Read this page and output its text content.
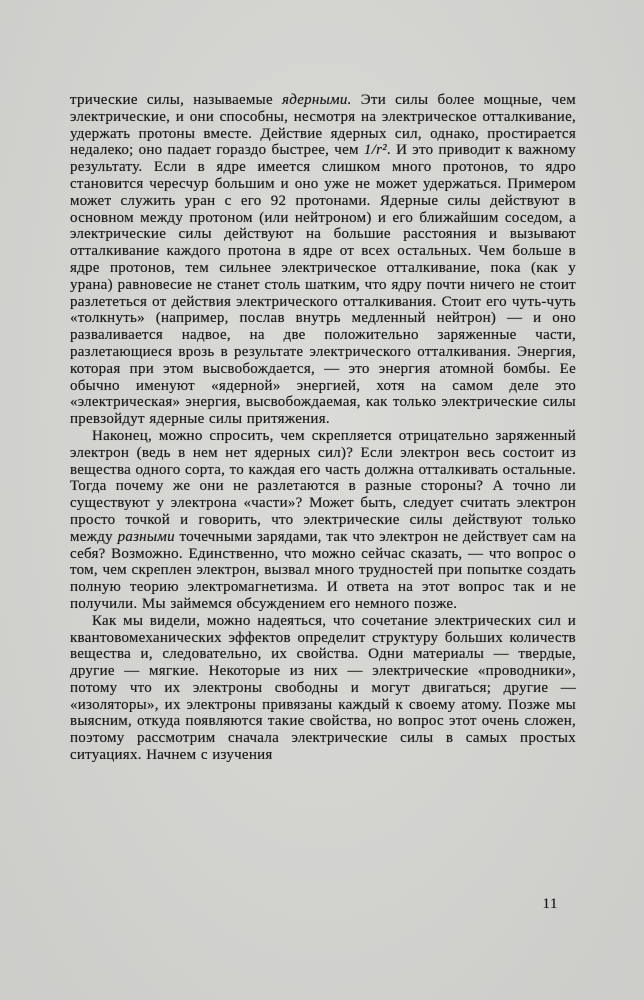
трические силы, называемые ядерными. Эти силы более мощные, чем электрические, и они способны, несмотря на электрическое отталкивание, удержать протоны вместе. Действие ядерных сил, однако, простирается недалеко; оно падает гораздо быстрее, чем 1/r². И это приводит к важному результату. Если в ядре имеется слишком много протонов, то ядро становится чересчур большим и оно уже не может удержаться. Примером может служить уран с его 92 протонами. Ядерные силы действуют в основном между протоном (или нейтроном) и его ближайшим соседом, а электрические силы действуют на большие расстояния и вызывают отталкивание каждого протона в ядре от всех остальных. Чем больше в ядре протонов, тем сильнее электрическое отталкивание, пока (как у урана) равновесие не станет столь шатким, что ядру почти ничего не стоит разлететься от действия электрического отталкивания. Стоит его чуть-чуть «толкнуть» (например, послав внутрь медленный нейтрон) — и оно разваливается надвое, на две положительно заряженные части, разлетающиеся врозь в результате электрического отталкивания. Энергия, которая при этом высвобождается, — это энергия атомной бомбы. Ее обычно именуют «ядерной» энергией, хотя на самом деле это «электрическая» энергия, высвобождаемая, как только электрические силы превзойдут ядерные силы притяжения.

Наконец, можно спросить, чем скрепляется отрицательно заряженный электрон (ведь в нем нет ядерных сил)? Если электрон весь состоит из вещества одного сорта, то каждая его часть должна отталкивать остальные. Тогда почему же они не разлетаются в разные стороны? А точно ли существуют у электрона «части»? Может быть, следует считать электрон просто точкой и говорить, что электрические силы действуют только между разными точечными зарядами, так что электрон не действует сам на себя? Возможно. Единственно, что можно сейчас сказать, — что вопрос о том, чем скреплен электрон, вызвал много трудностей при попытке создать полную теорию электромагнетизма. И ответа на этот вопрос так и не получили. Мы займемся обсуждением его немного позже.

Как мы видели, можно надеяться, что сочетание электрических сил и квантовомеханических эффектов определит структуру больших количеств вещества и, следовательно, их свойства. Одни материалы — твердые, другие — мягкие. Некоторые из них — электрические «проводники», потому что их электроны свободны и могут двигаться; другие — «изоляторы», их электроны привязаны каждый к своему атому. Позже мы выясним, откуда появляются такие свойства, но вопрос этот очень сложен, поэтому рассмотрим сначала электрические силы в самых простых ситуациях. Начнем с изучения

11
